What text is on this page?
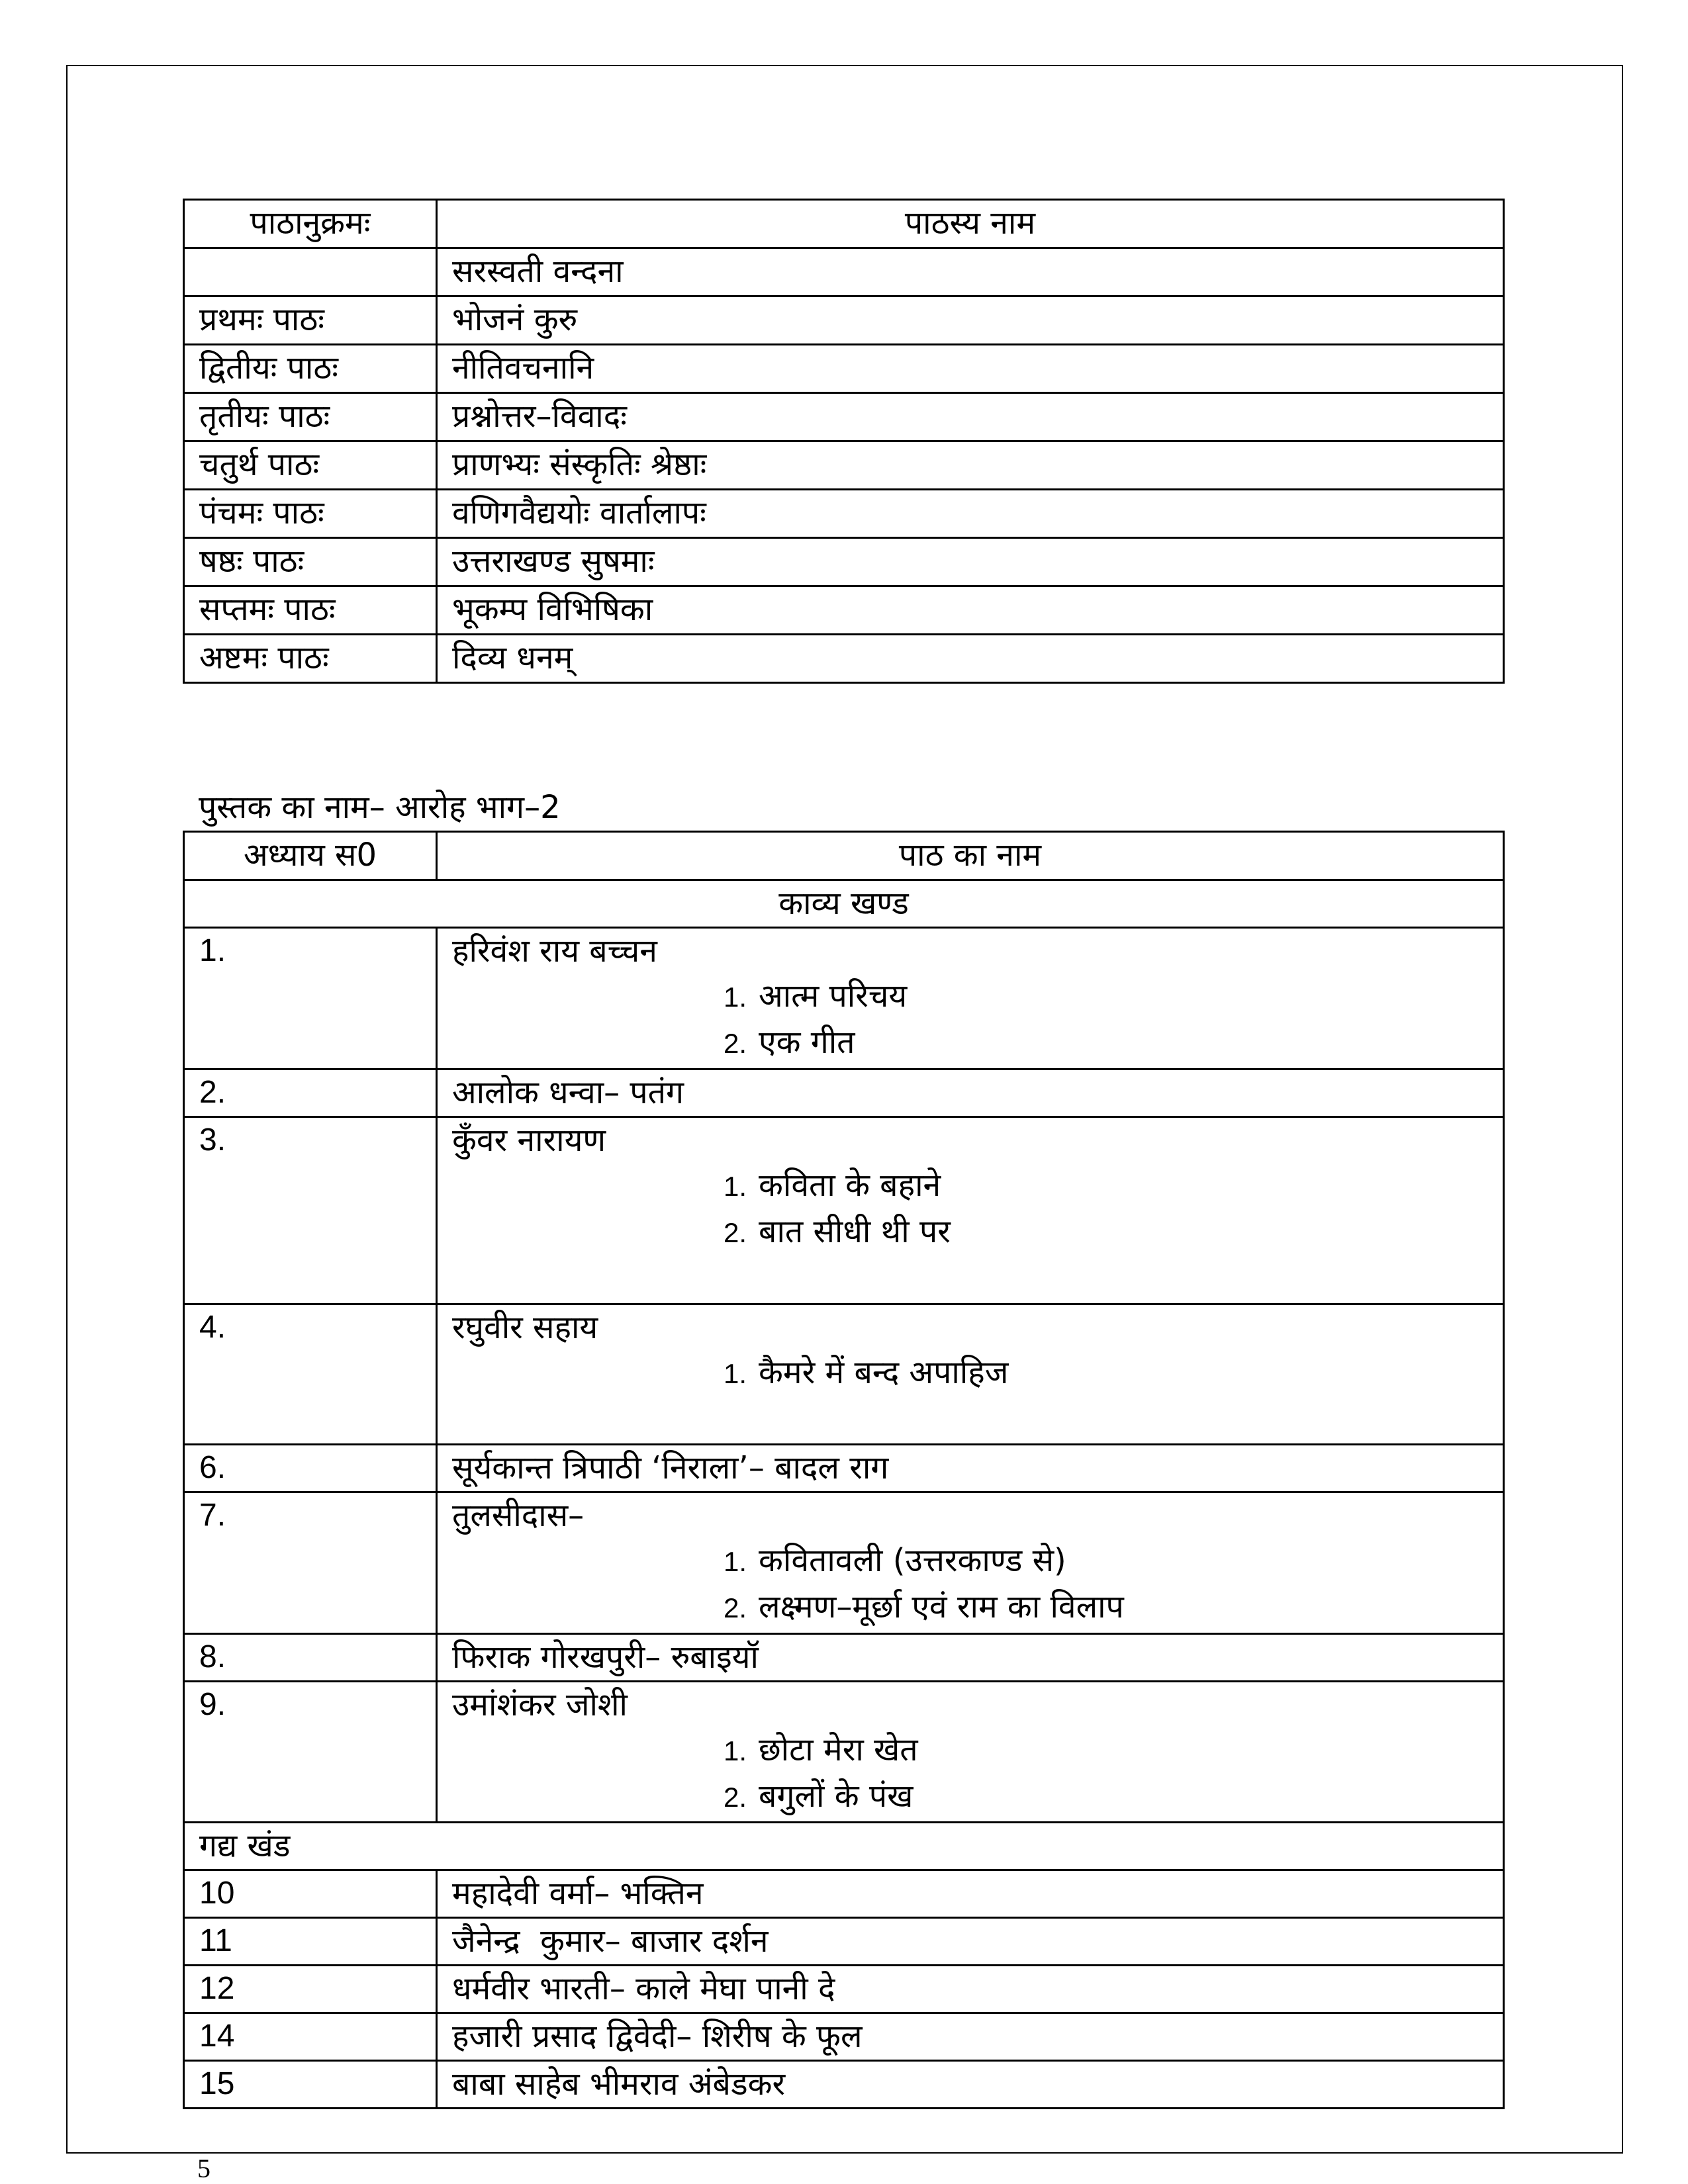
पाठानुक्रमः	पाठस्य नाम
	सरस्वती वन्दना
प्रथमः पाठः	भोजनं कुरु
द्वितीयः पाठः	नीतिवचनानि
तृतीयः पाठः	प्रश्नोत्तर–विवादः
चतुर्थ पाठः	प्राणभ्यः संस्कृतिः श्रेष्ठाः
पंचमः पाठः	वणिगवैद्ययोः वार्तालापः
षष्ठः पाठः	उत्तराखण्ड सुषमाः
सप्तमः पाठः	भूकम्प विभिषिका
अष्टमः पाठः	दिव्य धनम्
पुस्तक का नाम– आरोह भाग–2
अध्याय स0	पाठ का नाम
काव्य खण्ड	
1.	हरिवंश राय बच्चन
1. आत्म परिचय
2. एक गीत

2.	आलोक धन्वा– पतंग

3.	कुँवर नारायण
1. कविता के बहाने
2. बात सीधी थी पर

4.	रघुवीर सहाय
1. कैमरे में बन्द अपाहिज

6.	सूर्यकान्त त्रिपाठी ‘निराला’– बादल राग

7.	तुलसीदास–
1. कवितावली (उत्तरकाण्ड से)
2. लक्ष्मण–मूर्छा एवं राम का विलाप

8.	फिराक गोरखपुरी– रुबाइयॉ

9.	उमांशंकर जोशी
1. छोटा मेरा खेत
2. बगुलों के पंख

गद्य खंड	
10	महादेवी वर्मा– भक्तिन
11	जैनेन्द्र  कुमार– बाजार दर्शन
12	धर्मवीर भारती– काले मेघा पानी दे
14	हजारी प्रसाद द्विवेदी– शिरीष के फूल
15	बाबा साहेब भीमराव अंबेडकर
5
